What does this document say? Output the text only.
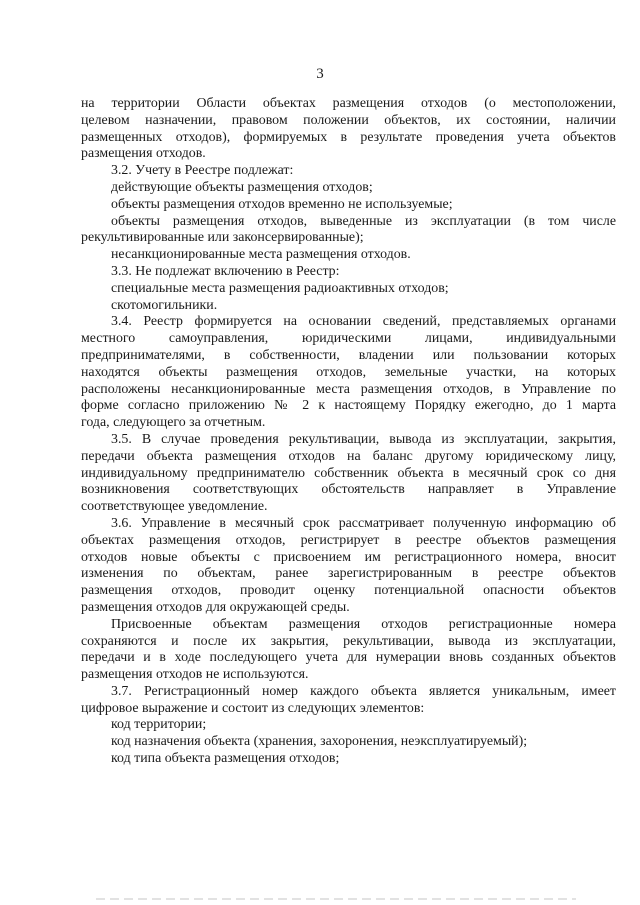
3
на территории Области объектах размещения отходов (о местоположении,
целевом назначении, правовом положении объектов, их состоянии, наличии
размещенных отходов), формируемых в результате проведения учета объектов
размещения отходов.
3.2. Учету в Реестре подлежат:
действующие объекты размещения отходов;
объекты размещения отходов временно не используемые;
объекты размещения отходов, выведенные из эксплуатации (в том числе
рекультивированные или законсервированные);
несанкционированные места размещения отходов.
3.3. Не подлежат включению в Реестр:
специальные места размещения радиоактивных отходов;
скотомогильники.
3.4. Реестр формируется на основании сведений, представляемых органами
местного самоуправления, юридическими лицами, индивидуальными
предпринимателями, в собственности, владении или пользовании которых
находятся объекты размещения отходов, земельные участки, на которых
расположены несанкционированные места размещения отходов, в Управление по
форме согласно приложению № 2 к настоящему Порядку ежегодно, до 1 марта
года, следующего за отчетным.
3.5. В случае проведения рекультивации, вывода из эксплуатации, закрытия,
передачи объекта размещения отходов на баланс другому юридическому лицу,
индивидуальному предпринимателю собственник объекта в месячный срок со дня
возникновения соответствующих обстоятельств направляет в Управление
соответствующее уведомление.
3.6. Управление в месячный срок рассматривает полученную информацию об
объектах размещения отходов, регистрирует в реестре объектов размещения
отходов новые объекты с присвоением им регистрационного номера, вносит
изменения по объектам, ранее зарегистрированным в реестре объектов
размещения отходов, проводит оценку потенциальной опасности объектов
размещения отходов для окружающей среды.
Присвоенные объектам размещения отходов регистрационные номера
сохраняются и после их закрытия, рекультивации, вывода из эксплуатации,
передачи и в ходе последующего учета для нумерации вновь созданных объектов
размещения отходов не используются.
3.7. Регистрационный номер каждого объекта является уникальным, имеет
цифровое выражение и состоит из следующих элементов:
код территории;
код назначения объекта (хранения, захоронения, неэксплуатируемый);
код типа объекта размещения отходов;
